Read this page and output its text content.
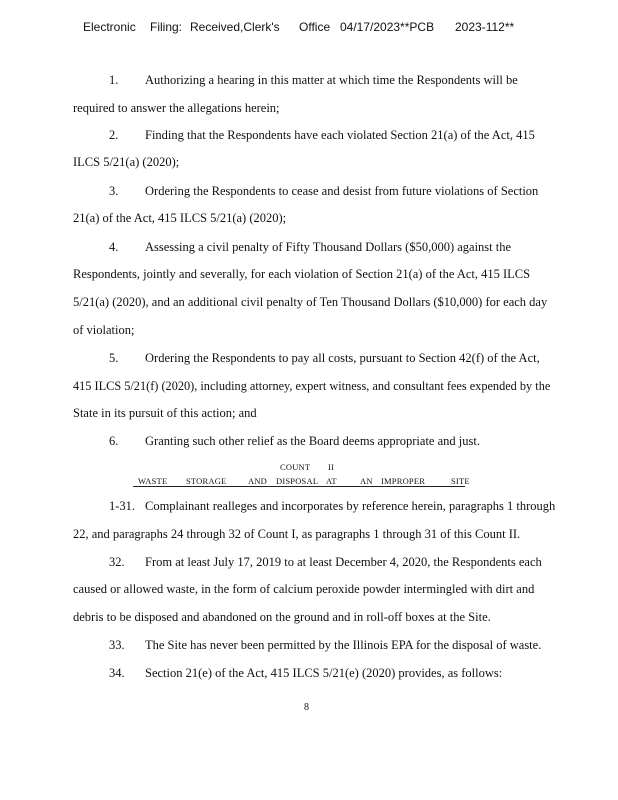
Electronic Filing: Received,Clerk's Office 04/17/2023**PCB 2023-112**
1. Authorizing a hearing in this matter at which time the Respondents will be
required to answer the allegations herein;
2. Finding that the Respondents have each violated Section 21(a) of the Act, 415
ILCS 5/21(a) (2020);
3. Ordering the Respondents to cease and desist from future violations of Section
21(a) of the Act, 415 ILCS 5/21(a) (2020);
4. Assessing a civil penalty of Fifty Thousand Dollars ($50,000) against the
Respondents, jointly and severally, for each violation of Section 21(a) of the Act, 415 ILCS
5/21(a) (2020), and an additional civil penalty of Ten Thousand Dollars ($10,000) for each day
of violation;
5. Ordering the Respondents to pay all costs, pursuant to Section 42(f) of the Act,
415 ILCS 5/21(f) (2020), including attorney, expert witness, and consultant fees expended by the
State in its pursuit of this action; and
6. Granting such other relief as the Board deems appropriate and just.
COUNT II
WASTE STORAGE	AND DISPOSAL AT	AN IMPROPER	SITE
1-31. Complainant realleges and incorporates by reference herein, paragraphs 1 through
22, and paragraphs 24 through 32 of Count I, as paragraphs 1 through 31 of this Count II.
32. From at least July 17, 2019 to at least December 4, 2020, the Respondents each
caused or allowed waste, in the form of calcium peroxide powder intermingled with dirt and
debris to be disposed and abandoned on the ground and in roll-off boxes at the Site.
33. The Site has never been permitted by the Illinois EPA for the disposal of waste.
34. Section 21(e) of the Act, 415 ILCS 5/21(e) (2020) provides, as follows:
8
